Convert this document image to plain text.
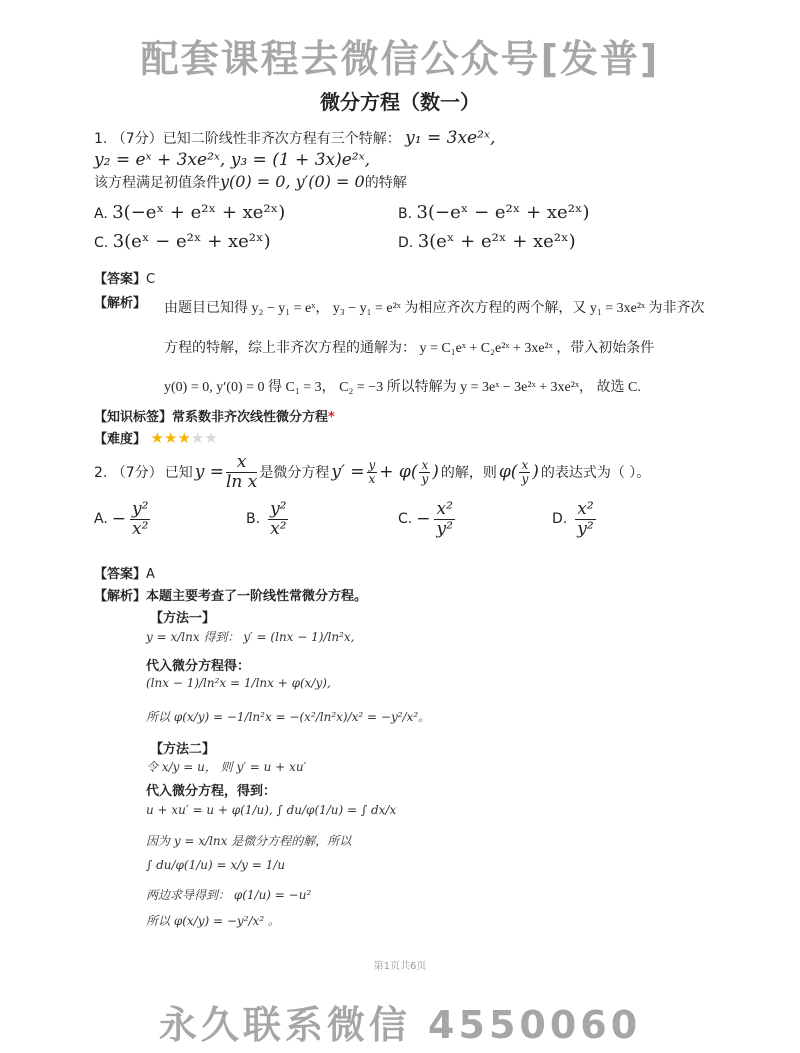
配套课程去微信公众号[发普]
微分方程（数一）
1. （7分）已知二阶线性非齐次方程有三个特解： y₁ = 3xe²ˣ,
y₂ = eˣ + 3xe²ˣ, y₃ = (1 + 3x)e²ˣ,
该方程满足初值条件y(0) = 0, y′(0) = 0的特解
A. 3(−eˣ + e²ˣ + xe²ˣ)	B. 3(−eˣ − e²ˣ + xe²ˣ)
C. 3(eˣ − e²ˣ + xe²ˣ)	D. 3(eˣ + e²ˣ + xe²ˣ)
【答案】C
【解析】 由题目已知得 y₂ − y₁ = eˣ， y₃ − y₁ = e²ˣ 为相应齐次方程的两个解，又 y₁ = 3xe²ˣ 为非齐次
方程的特解，综上非齐次方程的通解为： y = C₁eˣ + C₂e²ˣ + 3xe²ˣ ，带入初始条件
y(0) = 0, y′(0) = 0 得 C₁ = 3， C₂ = −3 所以特解为 y = 3eˣ − 3e²ˣ + 3xe²ˣ， 故选 C.
【知识标签】常系数非齐次线性微分方程*
【难度】 ★★★★★
2. （7分） 已知 $y = \frac{x}{\text{ln x}}$ 是微分方程 $y' = \frac{y}{x} + \varphi( \frac{x}{y}$ ) 的解，则 $\varphi( \frac{x}{y}$ ) 的表达式为（ ）。
A. − $\frac{\text{y²}}{\text{x²}}$	B. $\frac{\text{y²}}{\text{x²}}$	C. − $\frac{\text{x²}}{\text{y²}}$	D. $\frac{\text{x²}}{\text{y²}}$
【答案】A
【解析】本题主要考查了一阶线性常微分方程。
【方法一】
y = x/lnx 得到： y′ = (lnx − 1)/ln²x,
代入微分方程得：
(lnx − 1)/ln²x = 1/lnx + φ(x/y),
所以 φ(x/y) = −1/ln²x = −(x²/ln²x)/x² = −y²/x²。
【方法二】
令 x/y = u， 则 y′ = u + xu′
代入微分方程，得到：
u + xu′ = u + φ(1/u), ∫ du/φ(1/u) = ∫ dx/x
因为 y = x/lnx 是微分方程的解，所以
∫ du/φ(1/u) = x/y = 1/u
两边求导得到： φ(1/u) = −u²
所以 φ(x/y) = −y²/x² 。
第1页共6页
永久联系微信 4550060
